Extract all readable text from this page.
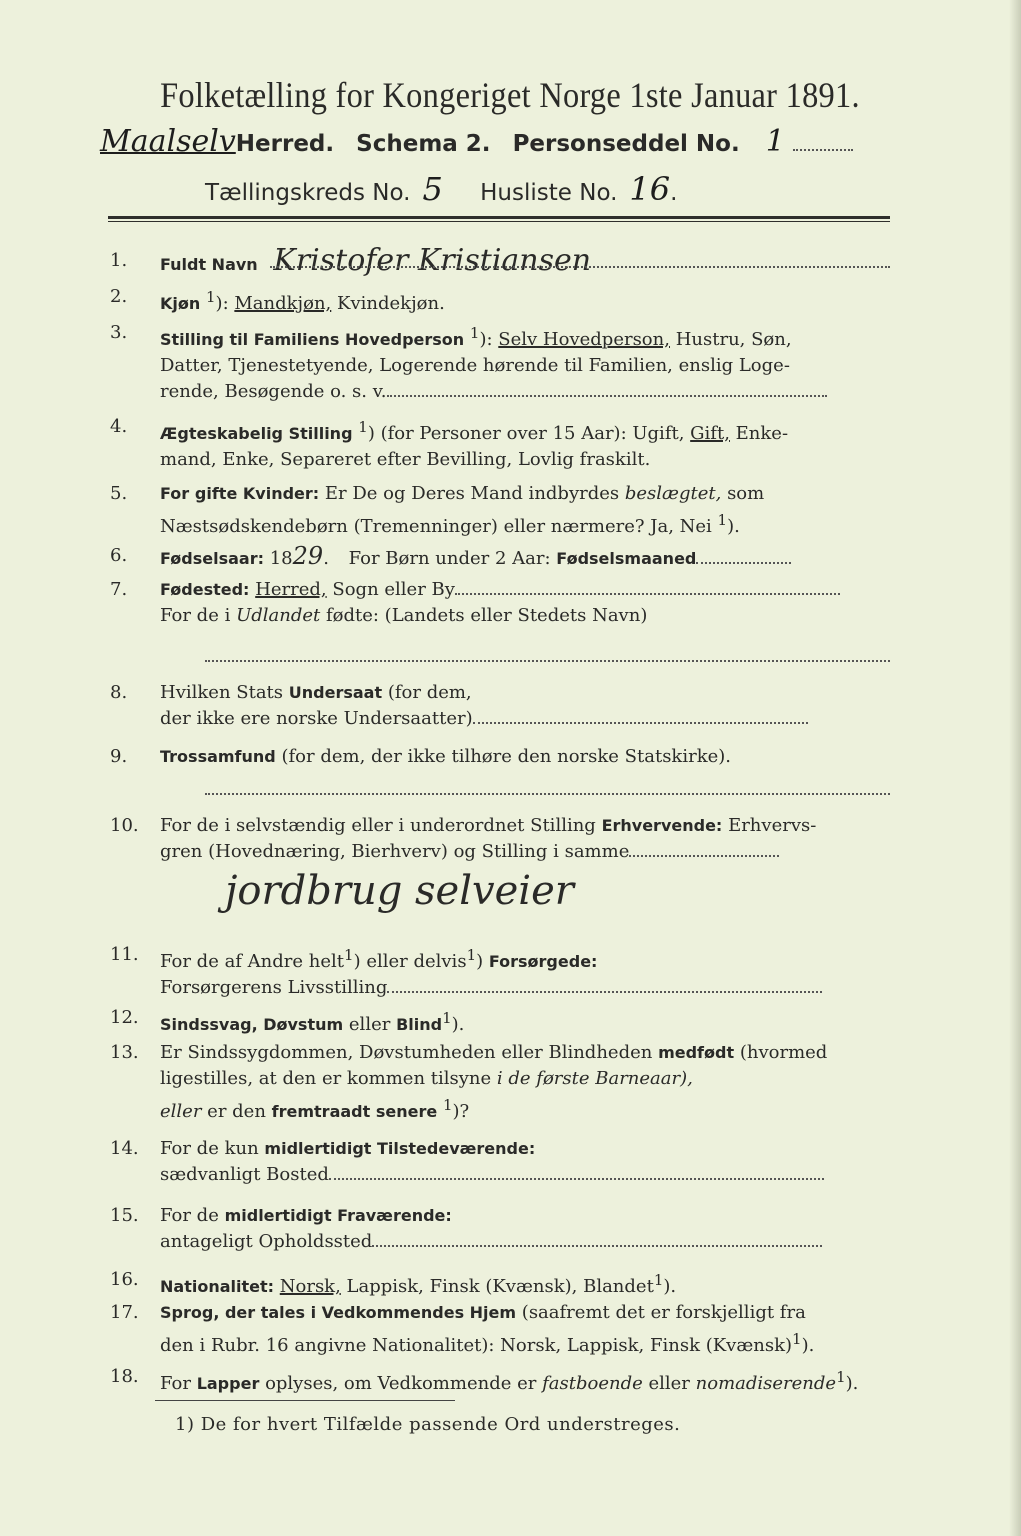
Folketælling for Kongeriget Norge 1ste Januar 1891.
MaalselvHerred. Schema 2. Personseddel No. 1
Tællingskreds No. 5 Husliste No. 16.
1.	Fuldt Navn Kristofer Kristiansen
2.	Kjøn $^1$): Mandkjøn, Kvindekjøn.
3.	Stilling til Familiens Hovedperson $^1$): Selv Hovedperson, Hustru, Søn,
Datter, Tjenestetyende, Logerende hørende til Familien, enslig Loge-
rende, Besøgende o. s. v.
4.	Ægteskabelig Stilling $^1$) (for Personer over 15 Aar): Ugift, Gift, Enke-
mand, Enke, Separeret efter Bevilling, Lovlig fraskilt.
5.	For gifte Kvinder: Er De og Deres Mand indbyrdes beslægtet, som
Næstsødskendebørn (Tremenninger) eller nærmere? Ja, Nei $^1$).
6.	Fødselsaar: 1829. For Børn under 2 Aar: Fødselsmaaned
7.	Fødested: Herred, Sogn eller By
For de i Udlandet fødte: (Landets eller Stedets Navn)
8.	Hvilken Stats Undersaat (for dem,
der ikke ere norske Undersaatter)
9.	Trossamfund (for dem, der ikke tilhøre den norske Statskirke).
10.	For de i selvstændig eller i underordnet Stilling Erhvervende: Erhvervs-
gren (Hovednæring, Bierhverv) og Stilling i samme
jordbrug selveier
11.	For de af Andre helt$^1$) eller delvis$^1$) Forsørgede:
Forsørgerens Livsstilling
12.	Sindssvag, Døvstum eller Blind$^1$).
13.	Er Sindssygdommen, Døvstumheden eller Blindheden medfødt (hvormed
ligestilles, at den er kommen tilsyne i de første Barneaar),
eller er den fremtraadt senere $^1$)?
14.	For de kun midlertidigt Tilstedeværende:
sædvanligt Bosted
15.	For de midlertidigt Fraværende:
antageligt Opholdssted
16.	Nationalitet: Norsk, Lappisk, Finsk (Kvænsk), Blandet$^1$).
17.	Sprog, der tales i Vedkommendes Hjem (saafremt det er forskjelligt fra
den i Rubr. 16 angivne Nationalitet): Norsk, Lappisk, Finsk (Kvænsk)$^1$).
18.	For Lapper oplyses, om Vedkommende er fastboende eller nomadiserende$^1$).
1) De for hvert Tilfælde passende Ord understreges.
